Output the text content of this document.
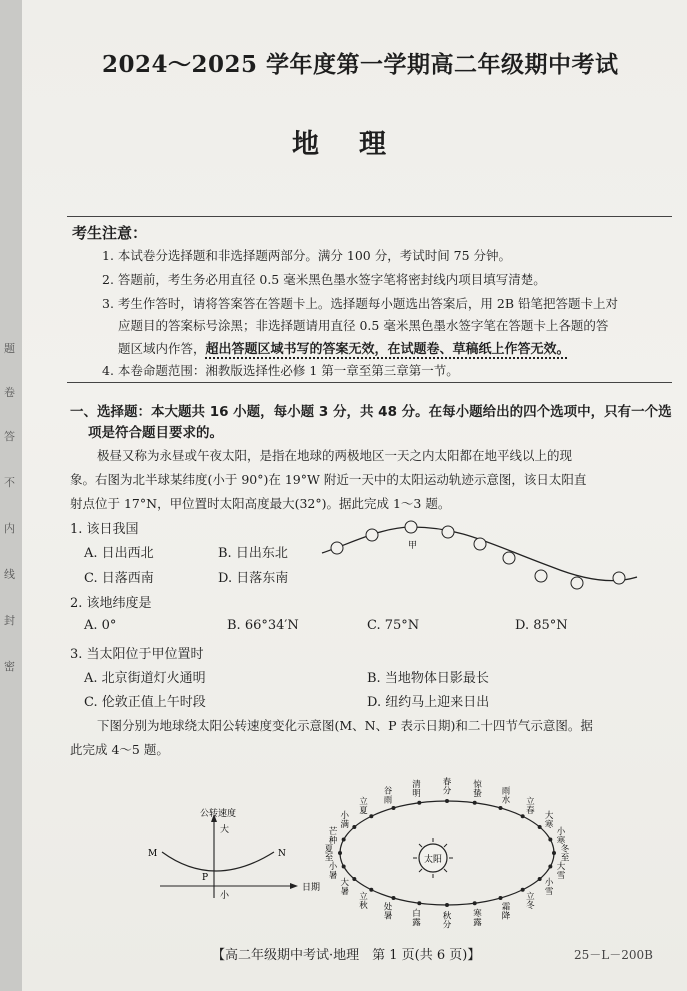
题
卷
答
不
内
线
封
密
2024～2025 学年度第一学期高二年级期中考试
地理
考生注意：
1. 本试卷分选择题和非选择题两部分。满分 100 分，考试时间 75 分钟。
2. 答题前，考生务必用直径 0.5 毫米黑色墨水签字笔将密封线内项目填写清楚。
3. 考生作答时，请将答案答在答题卡上。选择题每小题选出答案后，用 2B 铅笔把答题卡上对
应题目的答案标号涂黑；非选择题请用直径 0.5 毫米黑色墨水签字笔在答题卡上各题的答
题区域内作答，超出答题区域书写的答案无效，在试题卷、草稿纸上作答无效。
4. 本卷命题范围：湘教版选择性必修 1 第一章至第三章第一节。
一、选择题：本大题共 16 小题，每小题 3 分，共 48 分。在每小题给出的四个选项中，只有一个选
项是符合题目要求的。
极昼又称为永昼或午夜太阳，是指在地球的两极地区一天之内太阳都在地平线以上的现
象。右图为北半球某纬度(小于 90°)在 19°W 附近一天中的太阳运动轨迹示意图，该日太阳直
射点位于 17°N，甲位置时太阳高度最大(32°)。据此完成 1～3 题。
1. 该日我国
A. 日出西北	B. 日出东北
C. 日落西南	D. 日落东南
甲
2. 该地纬度是
A. 0°	B. 66°34′N	C. 75°N	D. 85°N
3. 当太阳位于甲位置时
A. 北京街道灯火通明	B. 当地物体日影最长
C. 伦敦正值上午时段	D. 纽约马上迎来日出
下图分别为地球绕太阳公转速度变化示意图(M、N、P 表示日期)和二十四节气示意图。据
此完成 4～5 题。
公转速度
大
小
日期
M	N
P
太阳
春分
清明
谷雨
立夏
小满
芒种
夏至
小暑
大暑 立秋 处暑 白露
秋分
寒露
霜降
立冬
小雪
大雪
冬至
小寒
大寒
立春
雨水
惊蛰
【高二年级期中考试·地理　第 1 页(共 6 页)】	25－L－200B
